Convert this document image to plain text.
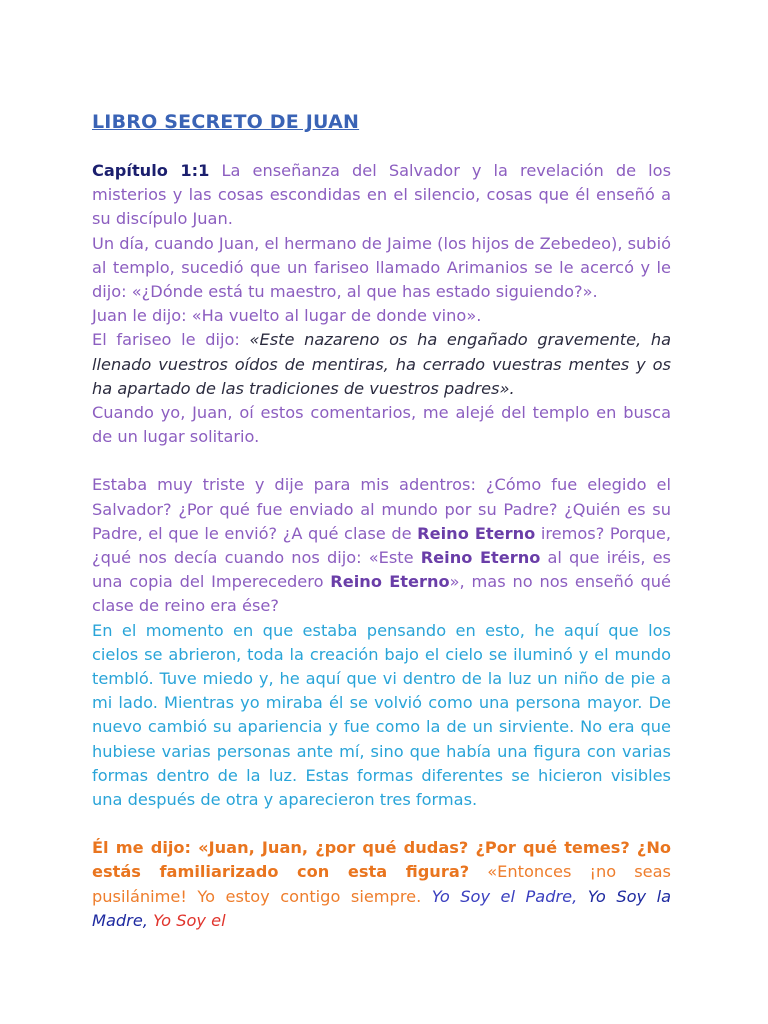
LIBRO SECRETO DE JUAN

Capítulo 1:1 La enseñanza del Salvador y la revelación de los misterios y las cosas escondidas en el silencio, cosas que él enseñó a su discípulo Juan.
Un día, cuando Juan, el hermano de Jaime (los hijos de Zebedeo), subió al templo, sucedió que un fariseo llamado Arimanios se le acercó y le dijo: «¿Dónde está tu maestro, al que has estado siguiendo?».
Juan le dijo: «Ha vuelto al lugar de donde vino».
El fariseo le dijo: «Este nazareno os ha engañado gravemente, ha llenado vuestros oídos de mentiras, ha cerrado vuestras mentes y os ha apartado de las tradiciones de vuestros padres».
Cuando yo, Juan, oí estos comentarios, me alejé del templo en busca de un lugar solitario.

Estaba muy triste y dije para mis adentros: ¿Cómo fue elegido el Salvador? ¿Por qué fue enviado al mundo por su Padre? ¿Quién es su Padre, el que le envió? ¿A qué clase de Reino Eterno iremos? Porque, ¿qué nos decía cuando nos dijo: «Este Reino Eterno al que iréis, es una copia del Imperecedero Reino Eterno», mas no nos enseñó qué clase de reino era ése?

En el momento en que estaba pensando en esto, he aquí que los cielos se abrieron, toda la creación bajo el cielo se iluminó y el mundo tembló. Tuve miedo y, he aquí que vi dentro de la luz un niño de pie a mi lado. Mientras yo miraba él se volvió como una persona mayor. De nuevo cambió su apariencia y fue como la de un sirviente. No era que hubiese varias personas ante mí, sino que había una figura con varias formas dentro de la luz. Estas formas diferentes se hicieron visibles una después de otra y aparecieron tres formas.

Él me dijo: «Juan, Juan, ¿por qué dudas? ¿Por qué temes? ¿No estás familiarizado con esta figura? «Entonces ¡no seas pusilánime! Yo estoy contigo siempre. Yo Soy el Padre, Yo Soy la Madre, Yo Soy el
